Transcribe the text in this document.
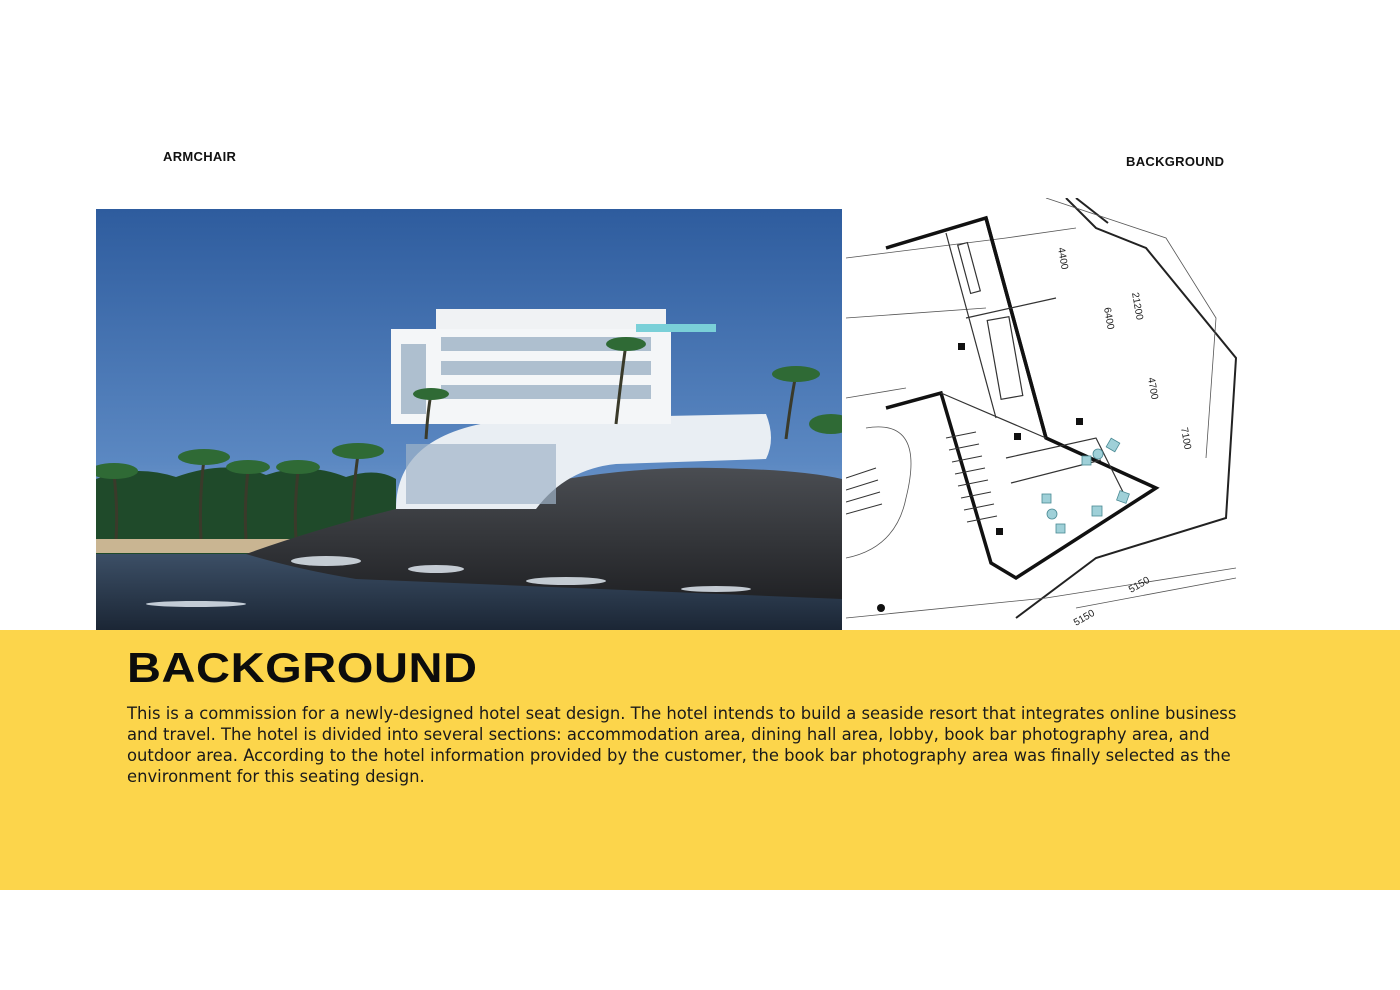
ARMCHAIR	BACKGROUND
4400
6400 21200
4700
7100
5150
5150
BACKGROUND

This is a commission for a newly-designed hotel seat design. The hotel intends to build a seaside resort that integrates online business and travel. The hotel is divided into several sections: accommodation area, dining hall area, lobby, book bar photography area, and outdoor area. According to the hotel information provided by the customer, the book bar photography area was finally selected as the environment for this seating design.
